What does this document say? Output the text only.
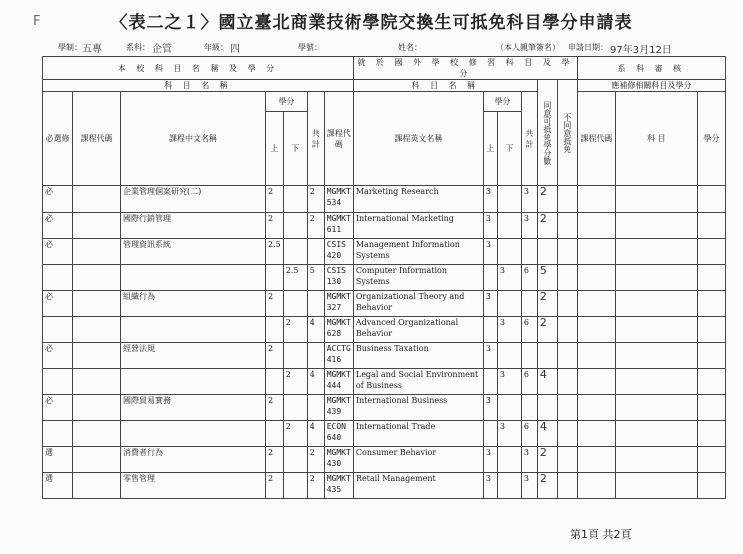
F	〈表二之１〉國立臺北商業技術學院交換生可抵免科目學分申請表
學制： 五專	系科： 企管	年級： 四	學號：	姓名：	（本人親筆簽名） 申請日期： 97年3月12日
本 校 科 目 名 稱 及 學 分							就 於 國 外 學 校 修 習 科 目 及 學 分						系 科 審 核		
科 目 名 稱							科 目 名 稱				同意可抵免學分數	不同意抵免	應補修相關科目及學分		
必選修	課程代碼	課程中文名稱	學分		共計	課程代碼	課程英文名稱	學分		共計			課程代碼	科 目	學分
			上	下				上	下						
必		企業管理個案研究(二)	2		2	MGMKT 534	Marketing Research	3		3	2				
必		國際行銷管理	2		2	MGMKT 611	International Marketing	3		3	2				
必		管理資訊系統	2.5			CSIS 420	Management Information Systems	3							
				2.5	5	CSIS 130	Computer Information Systems		3	6	5				
必		組織行為	2			MGMKT 327	Organizational Theory and Behavior	3			2				
				2	4	MGMKT 628	Advanced Organizational Behavior		3	6	2				
必		經營法規	2			ACCTG 416	Business Taxation	3							
				2	4	MGMKT 444	Legal and Social Environment of Business		3	6	4				
必		國際貿易實務	2			MGMKT 439	International Business	3							
				2	4	ECON 640	International Trade		3	6	4				
選		消費者行為	2		2	MGMKT 430	Consumer Behavior	3		3	2				
選		零售管理	2		2	MGMKT 435	Retail Management	3		3	2				
第1頁 共2頁
